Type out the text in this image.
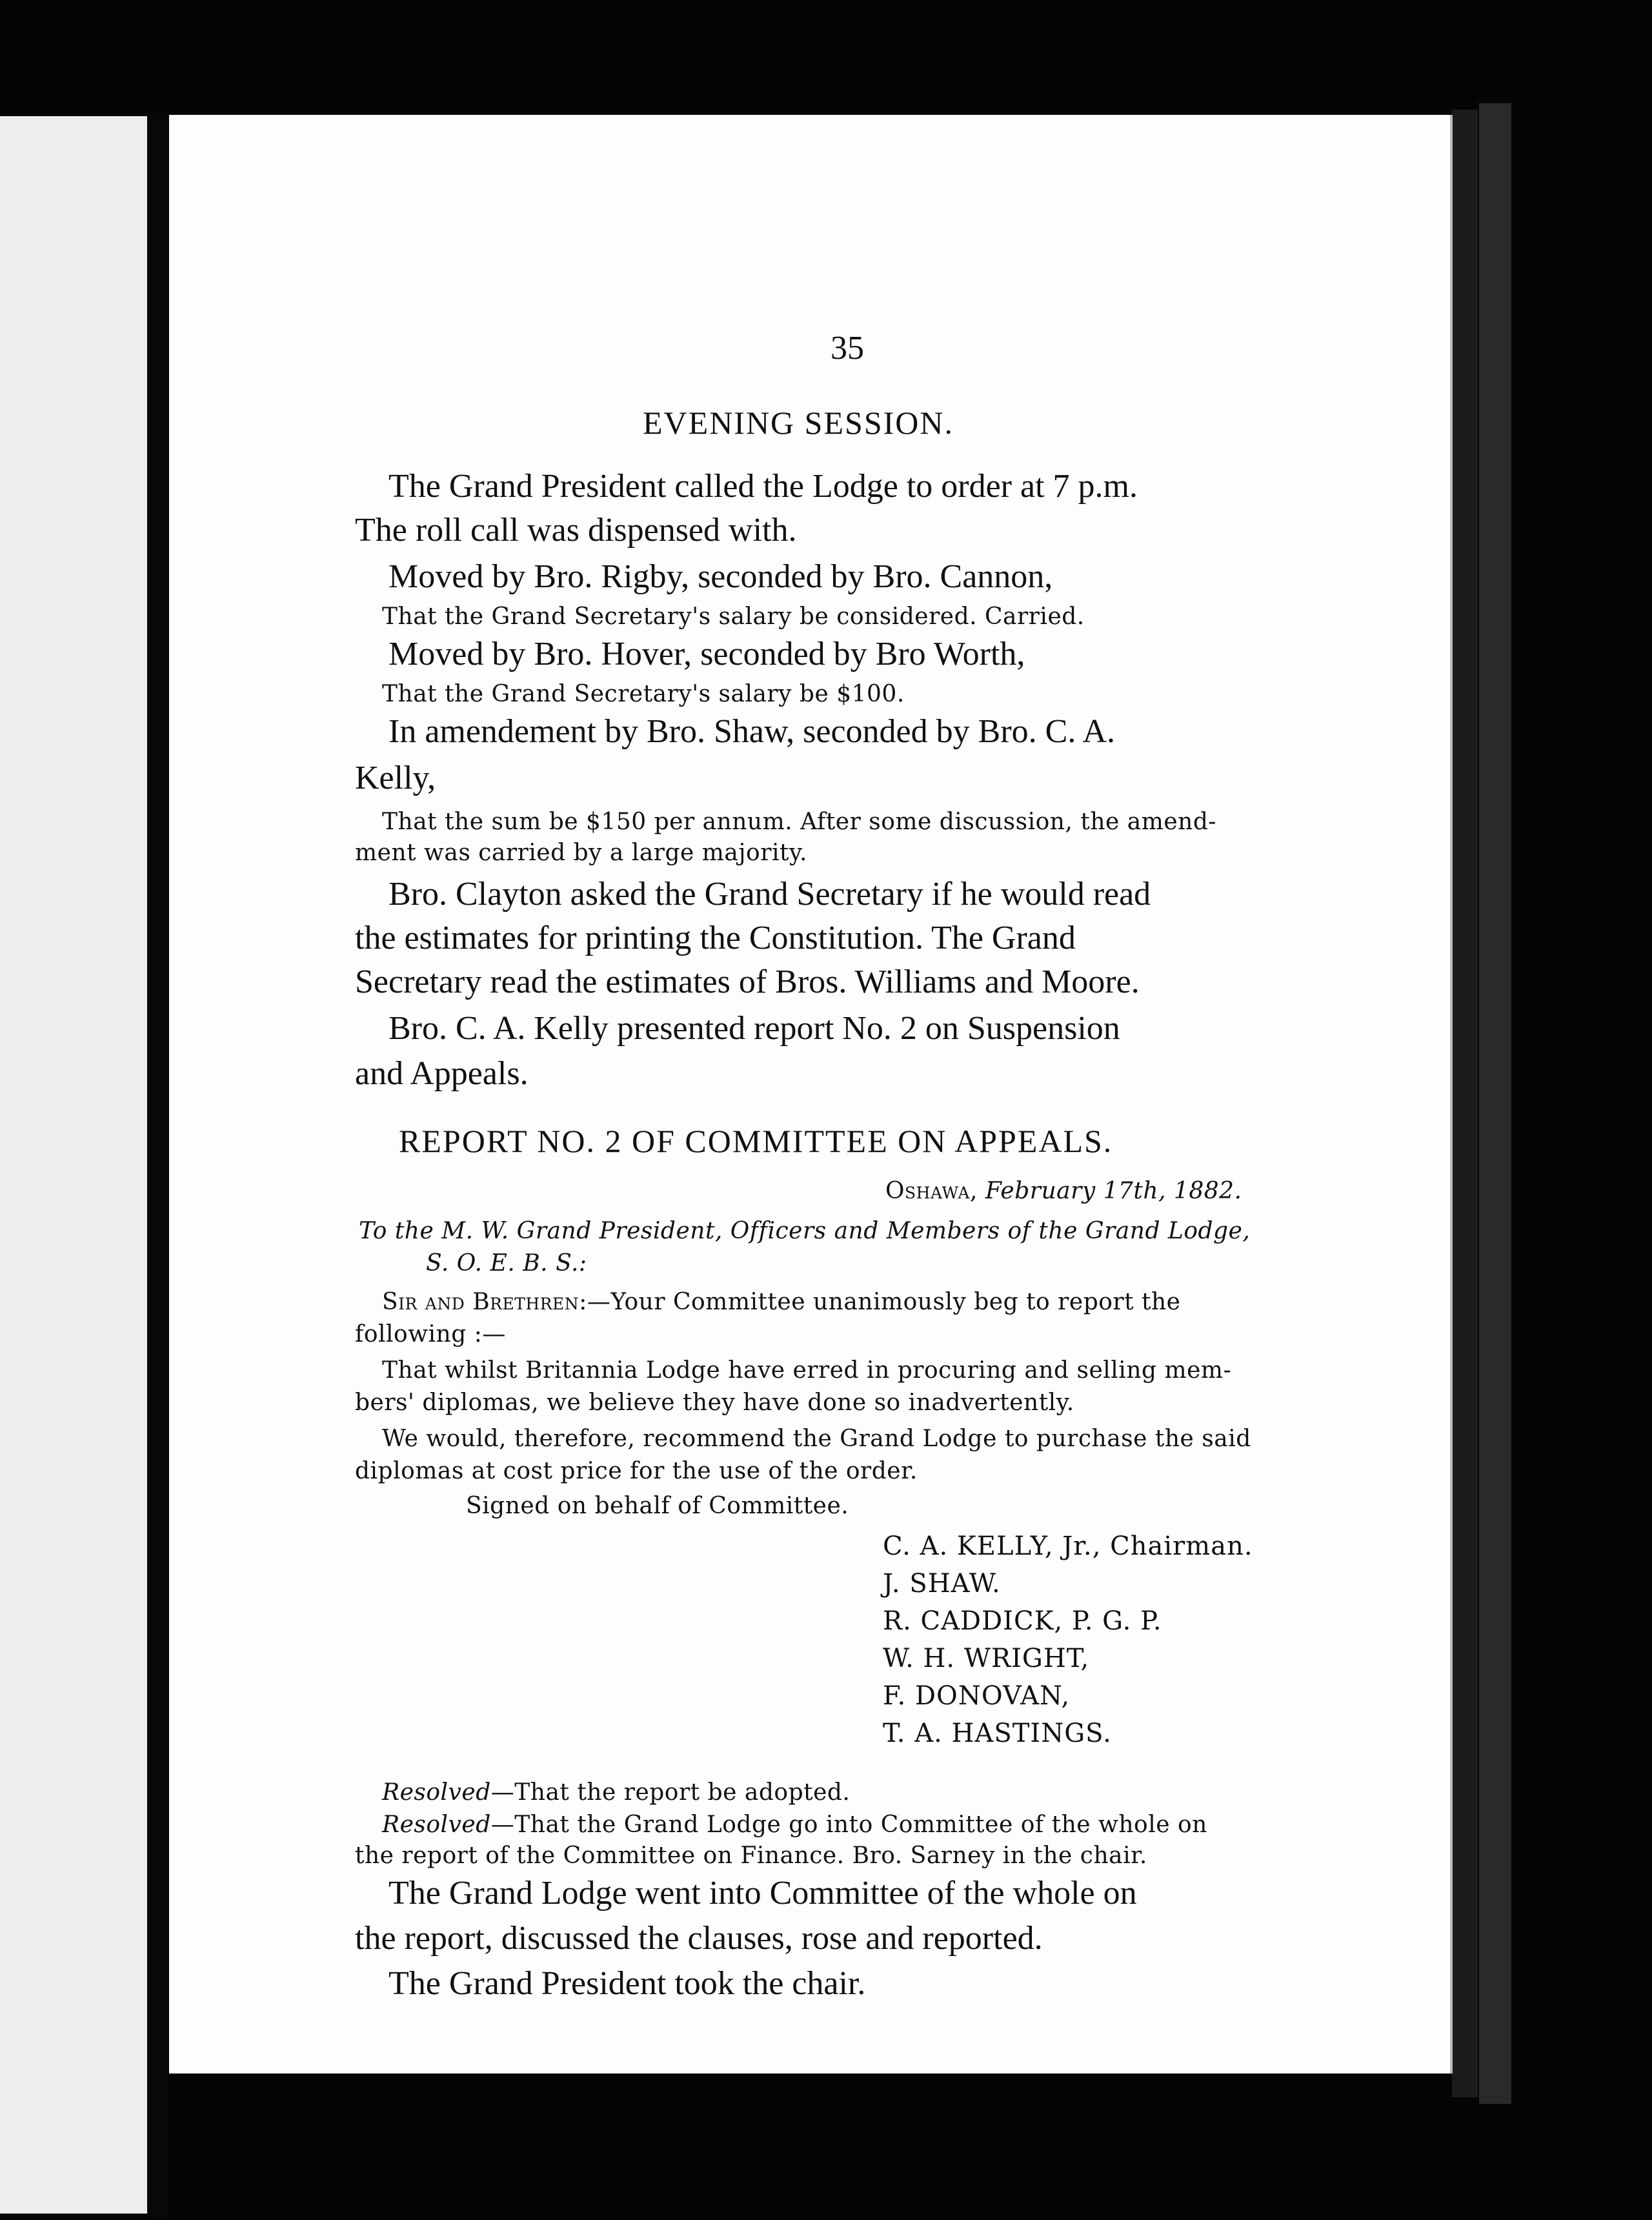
35
EVENING SESSION.
The Grand President called the Lodge to order at 7 p.m.
The roll call was dispensed with.
Moved by Bro. Rigby, seconded by Bro. Cannon,
That the Grand Secretary's salary be considered. Carried.
Moved by Bro. Hover, seconded by Bro Worth,
That the Grand Secretary's salary be $100.
In amendement by Bro. Shaw, seconded by Bro. C. A.
Kelly,
That the sum be $150 per annum. After some discussion, the amend-
ment was carried by a large majority.
Bro. Clayton asked the Grand Secretary if he would read
the estimates for printing the Constitution. The Grand
Secretary read the estimates of Bros. Williams and Moore.
Bro. C. A. Kelly presented report No. 2 on Suspension
and Appeals.
REPORT NO. 2 OF COMMITTEE ON APPEALS.
Oshawa, February 17th, 1882.
To the M. W. Grand President, Officers and Members of the Grand Lodge,
S. O. E. B. S.:
Sir and Brethren:—Your Committee unanimously beg to report the
following :—
That whilst Britannia Lodge have erred in procuring and selling mem-
bers' diplomas, we believe they have done so inadvertently.
We would, therefore, recommend the Grand Lodge to purchase the said
diplomas at cost price for the use of the order.
Signed on behalf of Committee.
C. A. KELLY, Jr., Chairman.
J. SHAW.
R. CADDICK, P. G. P.
W. H. WRIGHT,
F. DONOVAN,
T. A. HASTINGS.
Resolved—That the report be adopted.
Resolved—That the Grand Lodge go into Committee of the whole on
the report of the Committee on Finance. Bro. Sarney in the chair.
The Grand Lodge went into Committee of the whole on
the report, discussed the clauses, rose and reported.
The Grand President took the chair.
